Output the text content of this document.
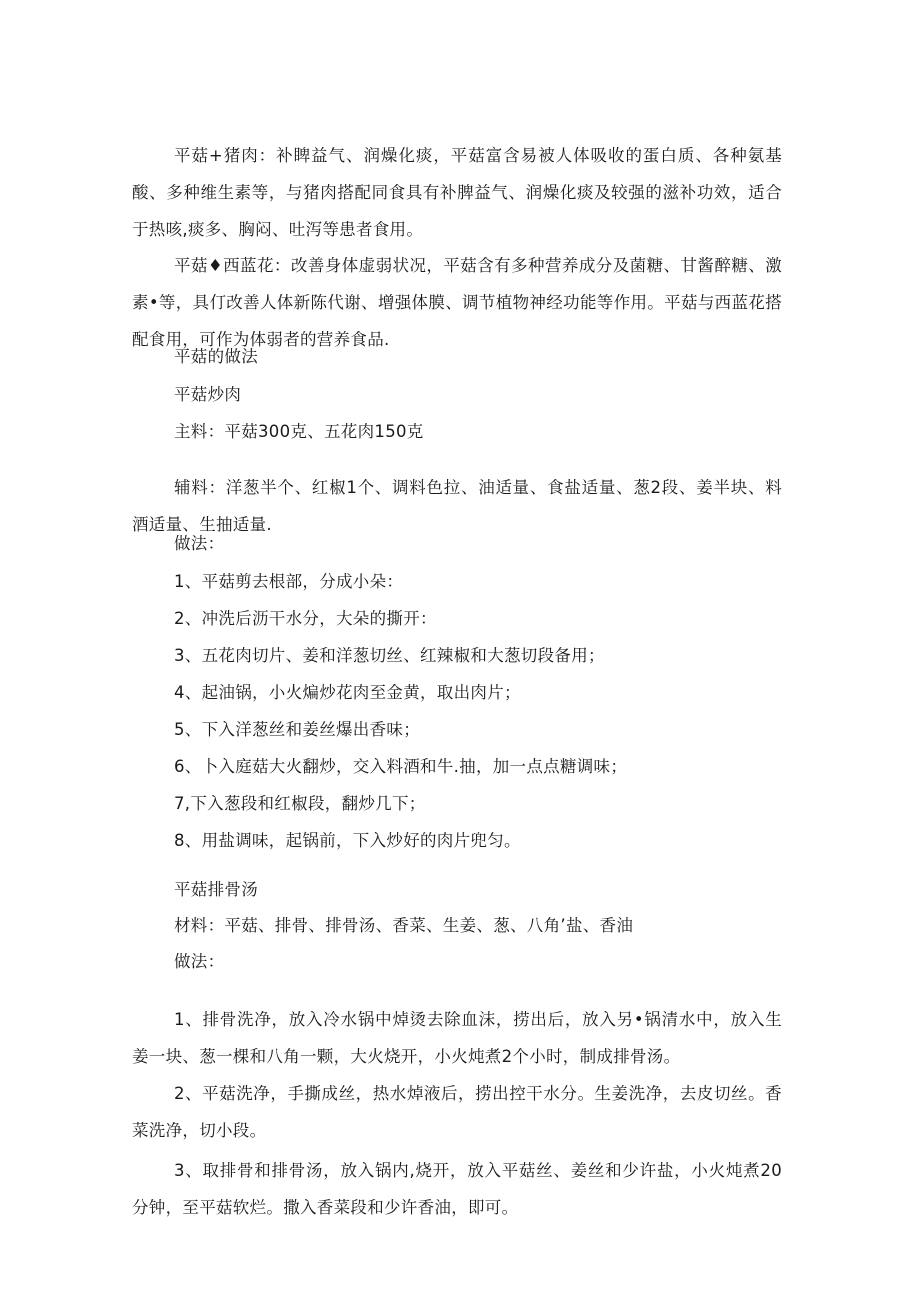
平菇+猪肉：补睥益气、润燥化痰，平菇富含易被人体吸收的蛋白质、各种氨基酸、多种维生素等，与猪肉搭配同食具有补脾益气、润燥化痰及较强的滋补功效，适合于热咳,痰多、胸闷、吐泻等患者食用。

平菇♦西蓝花：改善身体虚弱状况，平菇含有多种营养成分及菌糖、甘酱醉糖、激素•等，具仃改善人体新陈代谢、增强体膜、调节植物神经功能等作用。平菇与西蓝花搭配食用，可作为体弱者的营养食品.

平菇的做法

平菇炒肉

主料：平菇300克、五花肉150克

辅料：洋葱半个、红椒1个、调料色拉、油适量、食盐适量、葱2段、姜半块、料酒适量、生抽适量.

做法：

1、平菇剪去根部，分成小朵：

2、冲洗后沥干水分，大朵的撕开：

3、五花肉切片、姜和洋葱切丝、红辣椒和大葱切段备用；

4、起油锅，小火煸炒花肉至金黄，取出肉片；

5、下入洋葱丝和姜丝爆出香味；

6、卜入庭菇大火翻炒，交入料酒和牛.抽，加一点点糖调味；

7,下入葱段和红椒段，翻炒几下；

8、用盐调味，起锅前，下入炒好的肉片兜匀。

平菇排骨汤

材料：平菇、排骨、排骨汤、香菜、生姜、葱、八角’盐、香油

做法：

1、排骨洗净，放入冷水锅中焯烫去除血沫，捞出后，放入另•锅清水中，放入生姜一块、葱一棵和八角一颗，大火烧开，小火炖煮2个小时，制成排骨汤。

2、平菇洗净，手撕成丝，热水焯液后，捞出控干水分。生姜洗净，去皮切丝。香菜洗净，切小段。

3、取排骨和排骨汤，放入锅内,烧开，放入平菇丝、姜丝和少许盐，小火炖煮20分钟，至平菇软烂。撒入香菜段和少许香油，即可。
